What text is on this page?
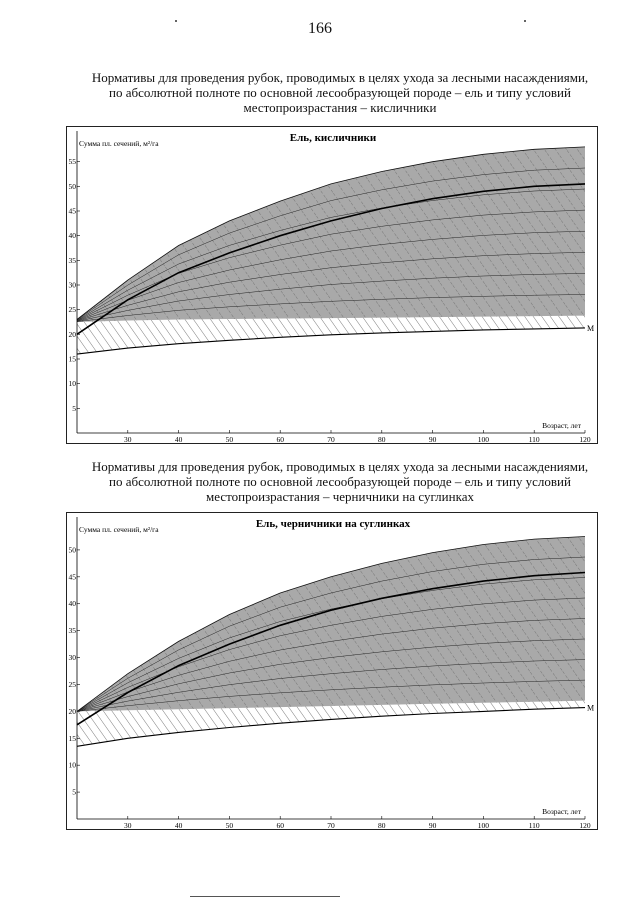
166
Нормативы для проведения рубок, проводимых в целях ухода за лесными насаждениями,
по абсолютной полноте по основной лесообразующей породе – ель и типу условий
местопроизрастания – кисличники
М
5
10
15
20
25
30
35
40
45
50
55
30	40	50	60	70	80	90	100	110	120
Сумма пл. сечений, м²/га
Возраст, лет
Ель, кисличники
Нормативы для проведения рубок, проводимых в целях ухода за лесными насаждениями,
по абсолютной полноте по основной лесообразующей породе – ель и типу условий
местопроизрастания – черничники на суглинках
М
5
10
15
20
25
30
35
40
45
50
30	40	50	60	70	80	90	100	110	120
Сумма пл. сечений, м²/га
Возраст, лет
Ель, черничники на суглинках
